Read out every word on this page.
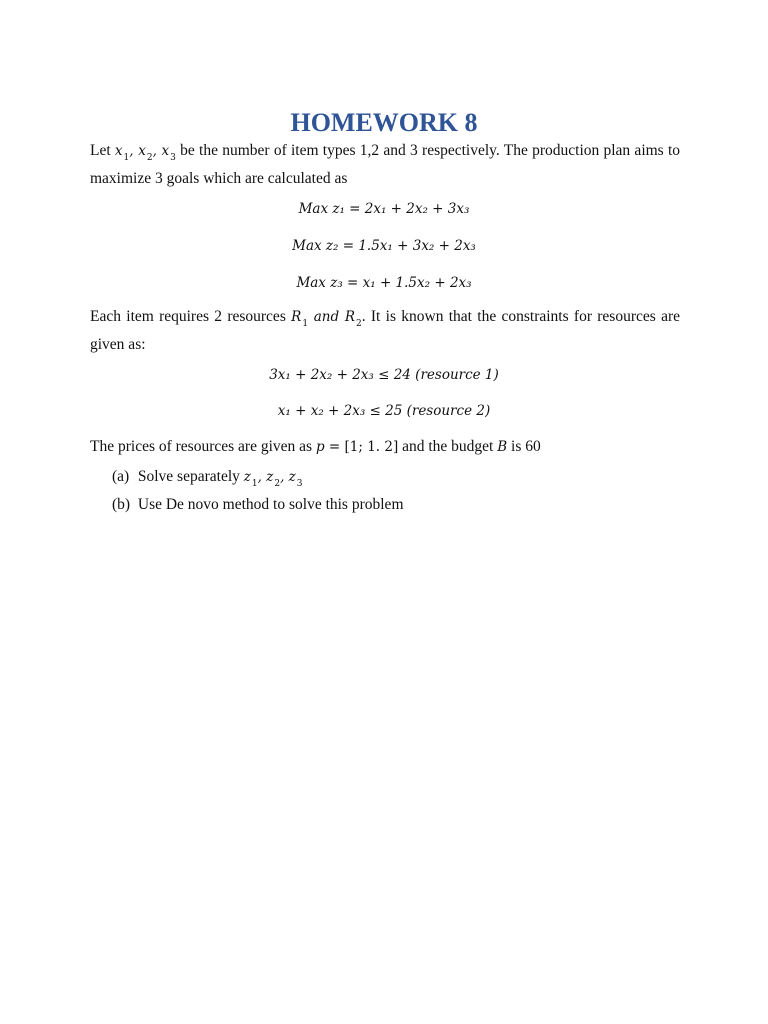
HOMEWORK 8
Let $x_1$, $x_2$, $x_3$ be the number of item types 1,2 and 3 respectively. The production plan aims to maximize 3 goals which are calculated as
Max z₁ = 2x₁ + 2x₂ + 3x₃
Max z₂ = 1.5x₁ + 3x₂ + 2x₃
Max z₃ = x₁ + 1.5x₂ + 2x₃
Each item requires 2 resources $R_1$ and $R_2$. It is known that the constraints for resources are given as:
3x₁ + 2x₂ + 2x₃ ≤ 24 (resource 1)
x₁ + x₂ + 2x₃ ≤ 25 (resource 2)
The prices of resources are given as p = [1; 1. 2] and the budget B is 60
(a) Solve separately $z_1$, $z_2$, $z_3$
(b) Use De novo method to solve this problem
